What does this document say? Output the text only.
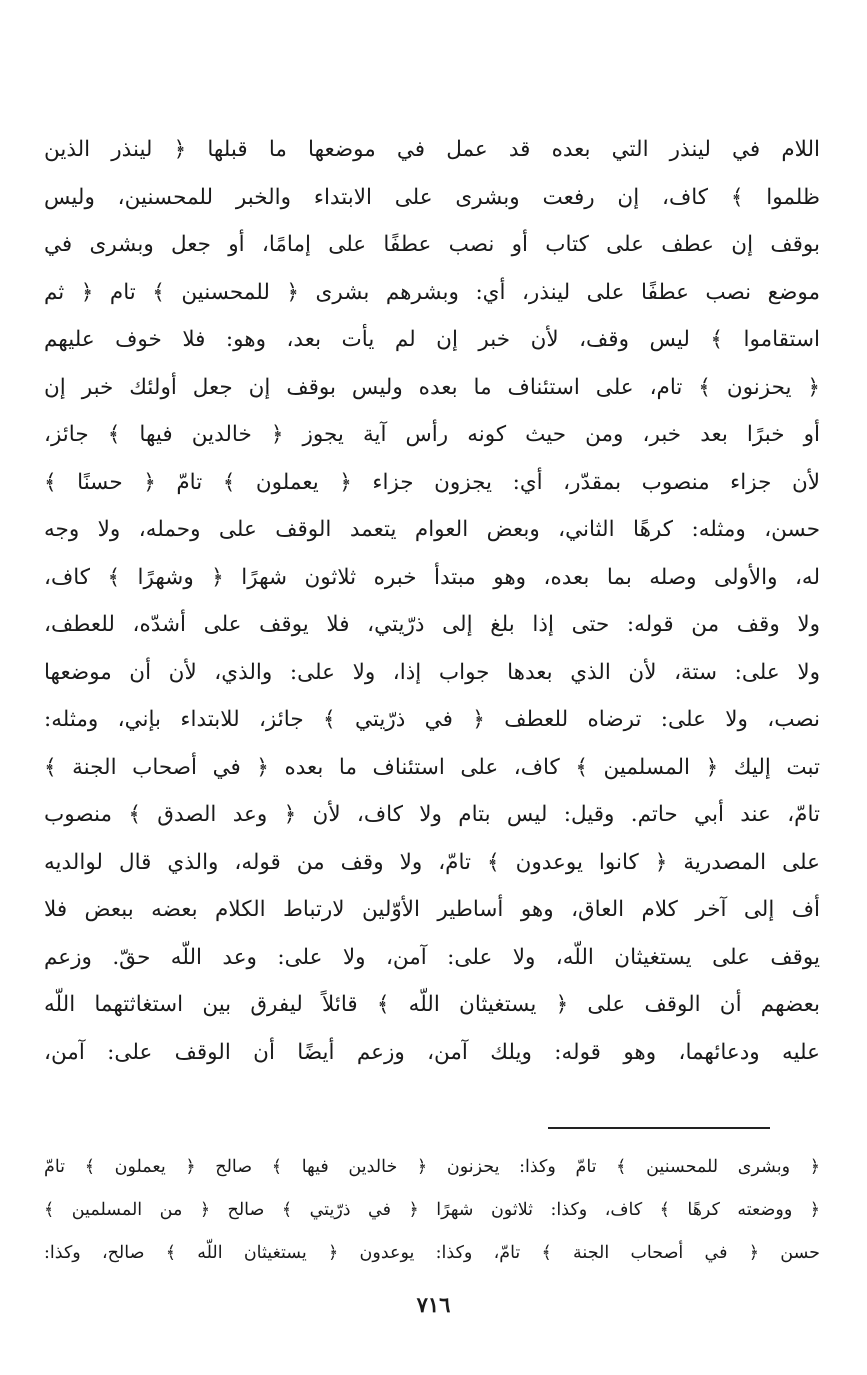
اللام في لينذر التي بعده قد عمل في موضعها ما قبلها ﴿ لينذر الذين
ظلموا ﴾ كاف، إن رفعت وبشرى على الابتداء والخبر للمحسنين، وليس
بوقف إن عطف على كتاب أو نصب عطفًا على إمامًا، أو جعل وبشرى في
موضع نصب عطفًا على لينذر، أي: وبشرهم بشرى ﴿ للمحسنين ﴾ تام ﴿ ثم
استقاموا ﴾ ليس وقف، لأن خبر إن لم يأت بعد، وهو: فلا خوف عليهم
﴿ يحزنون ﴾ تام، على استئناف ما بعده وليس بوقف إن جعل أولئك خبر إن
أو خبرًا بعد خبر، ومن حيث كونه رأس آية يجوز ﴿ خالدين فيها ﴾ جائز،
لأن جزاء منصوب بمقدّر، أي: يجزون جزاء ﴿ يعملون ﴾ تامّ ﴿ حسنًا ﴾
حسن، ومثله: كرهًا الثاني، وبعض العوام يتعمد الوقف على وحمله، ولا وجه
له، والأولى وصله بما بعده، وهو مبتدأ خبره ثلاثون شهرًا ﴿ وشهرًا ﴾ كاف،
ولا وقف من قوله: حتى إذا بلغ إلى ذرّيتي، فلا يوقف على أشدّه، للعطف،
ولا على: ستة، لأن الذي بعدها جواب إذا، ولا على: والذي، لأن أن موضعها
نصب، ولا على: ترضاه للعطف ﴿ في ذرّيتي ﴾ جائز، للابتداء بإني، ومثله:
تبت إليك ﴿ المسلمين ﴾ كاف، على استئناف ما بعده ﴿ في أصحاب الجنة ﴾
تامّ، عند أبي حاتم. وقيل: ليس بتام ولا كاف، لأن ﴿ وعد الصدق ﴾ منصوب
على المصدرية ﴿ كانوا يوعدون ﴾ تامّ، ولا وقف من قوله، والذي قال لوالديه
أف إلى آخر كلام العاق، وهو أساطير الأوّلين لارتباط الكلام بعضه ببعض فلا
يوقف على يستغيثان اللّه، ولا على: آمن، ولا على: وعد اللّه حقّ. وزعم
بعضهم أن الوقف على ﴿ يستغيثان اللّه ﴾ قائلاً ليفرق بين استغاثتهما اللّه
عليه ودعائهما، وهو قوله: ويلك آمن، وزعم أيضًا أن الوقف على: آمن،
﴿ وبشرى للمحسنين ﴾ تامّ وكذا: يحزنون ﴿ خالدين فيها ﴾ صالح ﴿ يعملون ﴾ تامّ
﴿ ووضعته كرهًا ﴾ كاف، وكذا: ثلاثون شهرًا ﴿ في ذرّيتي ﴾ صالح ﴿ من المسلمين ﴾
حسن ﴿ في أصحاب الجنة ﴾ تامّ، وكذا: يوعدون ﴿ يستغيثان اللّه ﴾ صالح، وكذا:
٧١٦
